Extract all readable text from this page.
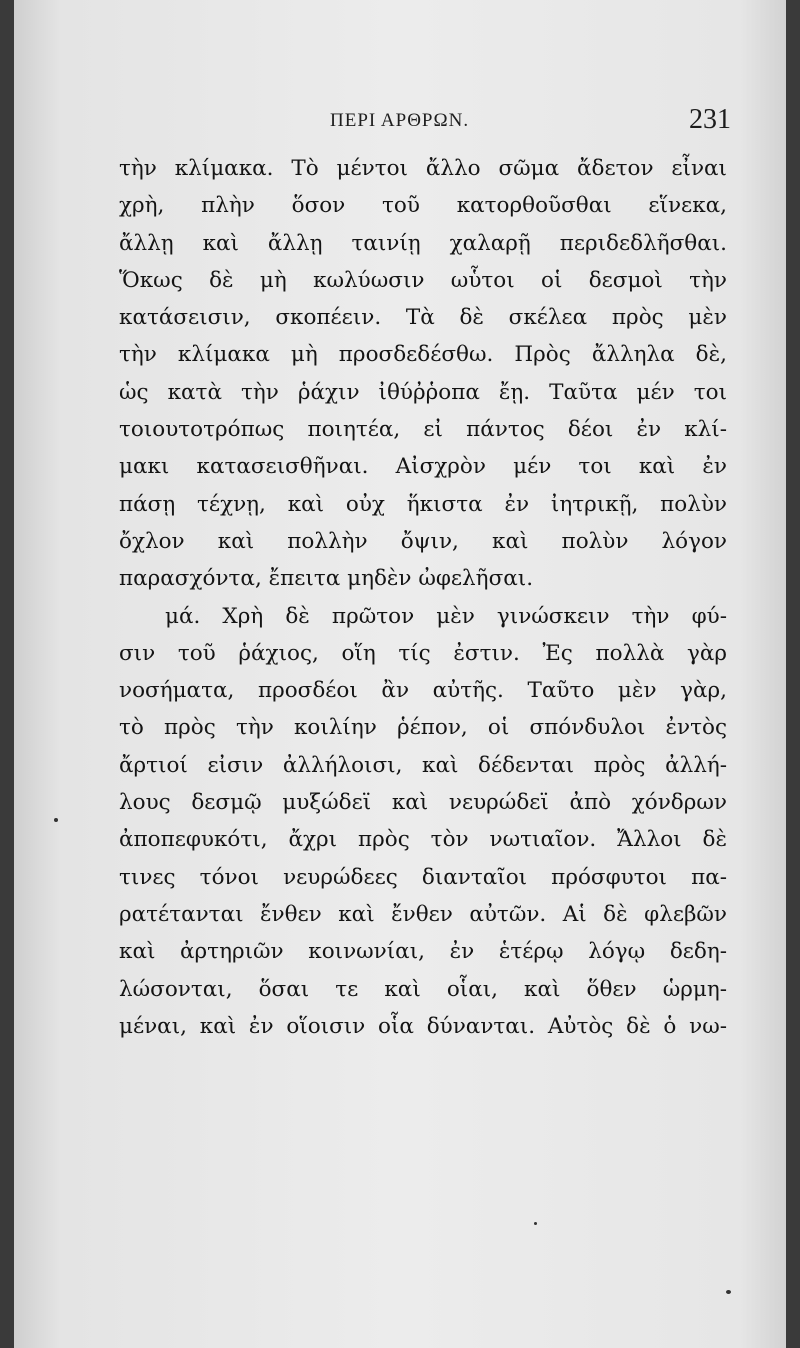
ΠΕΡΙ ΑΡΘΡΩΝ.	231
τὴν κλίμακα. Τὸ μέντοι ἄλλο σῶμα ἄδετον εἶναι
χρὴ, πλὴν ὅσον τοῦ κατορθοῦσθαι εἵνεκα,
ἄλλῃ καὶ ἄλλῃ ταινίῃ χαλαρῇ περιδεδλῆσθαι.
Ὅκως δὲ μὴ κωλύωσιν ωὗτοι οἱ δεσμοὶ τὴν
κατάσεισιν, σκοπέειν. Τὰ δὲ σκέλεα πρὸς μὲν
τὴν κλίμακα μὴ προσδεδέσθω. Πρὸς ἄλληλα δὲ,
ὡς κατὰ τὴν ῥάχιν ἰθύῤῥοπα ἔῃ. Ταῦτα μέν τοι
τοιουτοτρόπως ποιητέα, εἰ πάντος δέοι ἐν κλί-
μακι κατασεισθῆναι. Αἰσχρὸν μέν τοι καὶ ἐν
πάσῃ τέχνῃ, καὶ οὐχ ἥκιστα ἐν ἰητρικῇ, πολὺν
ὄχλον καὶ πολλὴν ὄψιν, καὶ πολὺν λόγον
παρασχόντα, ἔπειτα μηδὲν ὠφελῆσαι.
μά. Χρὴ δὲ πρῶτον μὲν γινώσκειν τὴν φύ-
σιν τοῦ ῥάχιος, οἵη τίς ἐστιν. Ἐς πολλὰ γὰρ
νοσήματα, προσδέοι ἂν αὐτῆς. Ταῦτο μὲν γὰρ,
τὸ πρὸς τὴν κοιλίην ῥέπον, οἱ σπόνδυλοι ἐντὸς
ἄρτιοί εἰσιν ἀλλήλοισι, καὶ δέδενται πρὸς ἀλλή-
λους δεσμῷ μυξώδεϊ καὶ νευρώδεϊ ἀπὸ χόνδρων
ἀποπεφυκότι, ἄχρι πρὸς τὸν νωτιαῖον. Ἄλλοι δὲ
τινες τόνοι νευρώδεες διανταῖοι πρόσφυτοι πα-
ρατέτανται ἔνθεν καὶ ἔνθεν αὐτῶν. Αἱ δὲ φλεβῶν
καὶ ἀρτηριῶν κοινωνίαι, ἐν ἑτέρῳ λόγῳ δεδη-
λώσονται, ὅσαι τε καὶ οἷαι, καὶ ὅθεν ὡρμη-
μέναι, καὶ ἐν οἵοισιν οἷα δύνανται. Αὐτὸς δὲ ὁ νω-
